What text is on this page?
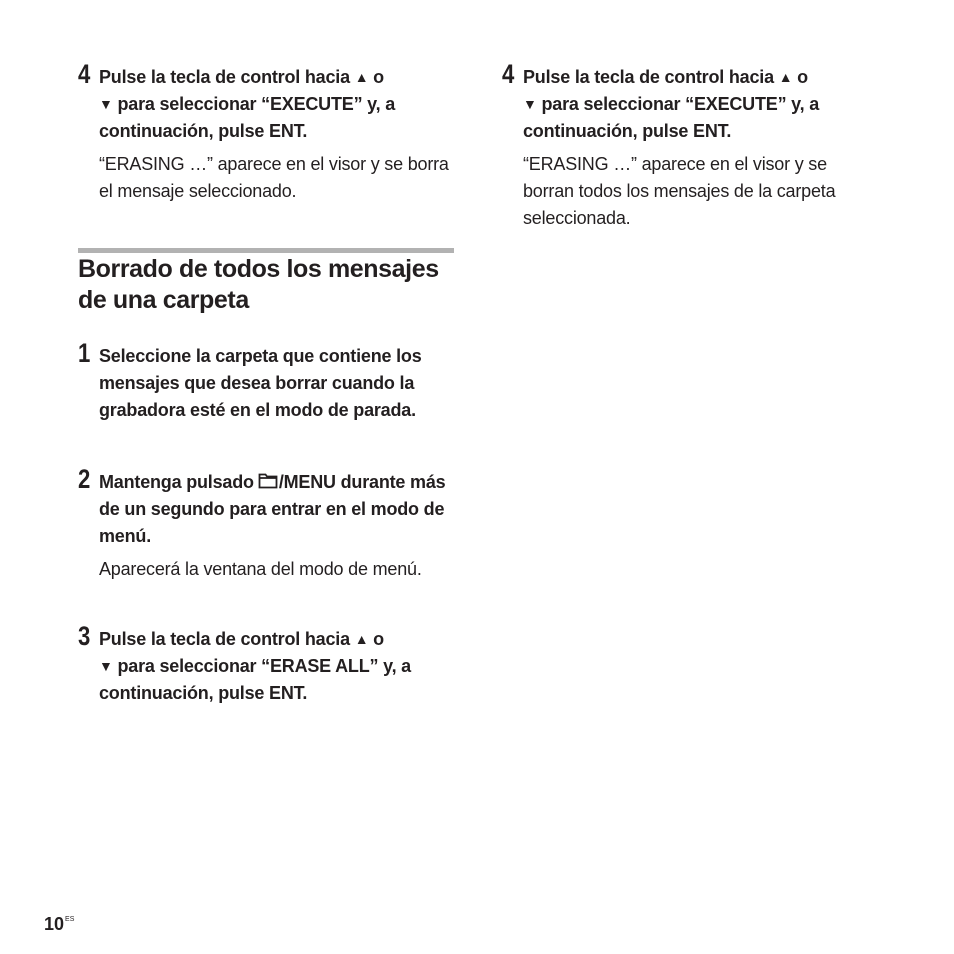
4 Pulse la tecla de control hacia ▲ o
▼ para seleccionar “EXECUTE” y, a continuación, pulse ENT.
“ERASING …” aparece en el visor y se borra el mensaje seleccionado.
Borrado de todos los mensajes de una carpeta
1 Seleccione la carpeta que contiene los mensajes que desea borrar cuando la grabadora esté en el modo de parada.
2 Mantenga pulsado /MENU durante más de un segundo para entrar en el modo de menú.
Aparecerá la ventana del modo de menú.
3 Pulse la tecla de control hacia ▲ o
▼ para seleccionar “ERASE ALL” y, a continuación, pulse ENT.
4 Pulse la tecla de control hacia ▲ o
▼ para seleccionar “EXECUTE” y, a continuación, pulse ENT.
“ERASING …” aparece en el visor y se borran todos los mensajes de la carpeta seleccionada.
$10^{ES}$
